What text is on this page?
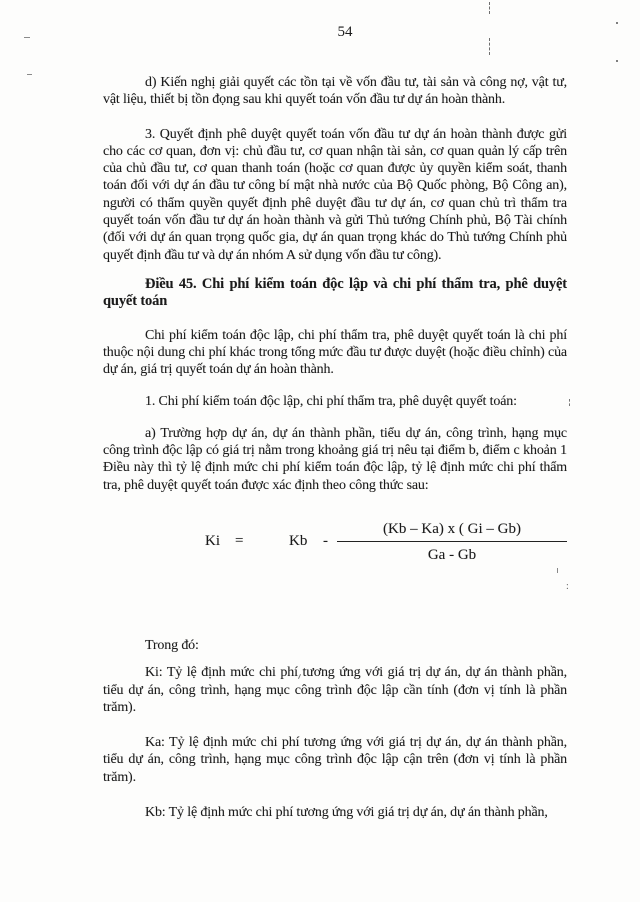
54

d) Kiến nghị giải quyết các tồn tại về vốn đầu tư, tài sản và công nợ, vật tư, vật liệu, thiết bị tồn đọng sau khi quyết toán vốn đầu tư dự án hoàn thành.

3. Quyết định phê duyệt quyết toán vốn đầu tư dự án hoàn thành được gửi cho các cơ quan, đơn vị: chủ đầu tư, cơ quan nhận tài sản, cơ quan quản lý cấp trên của chủ đầu tư, cơ quan thanh toán (hoặc cơ quan được ủy quyền kiểm soát, thanh toán đối với dự án đầu tư công bí mật nhà nước của Bộ Quốc phòng, Bộ Công an), người có thẩm quyền quyết định phê duyệt đầu tư dự án, cơ quan chủ trì thẩm tra quyết toán vốn đầu tư dự án hoàn thành và gửi Thủ tướng Chính phủ, Bộ Tài chính (đối với dự án quan trọng quốc gia, dự án quan trọng khác do Thủ tướng Chính phủ quyết định đầu tư và dự án nhóm A sử dụng vốn đầu tư công).

Điều 45. Chi phí kiểm toán độc lập và chi phí thẩm tra, phê duyệt quyết toán

Chi phí kiểm toán độc lập, chi phí thẩm tra, phê duyệt quyết toán là chi phí thuộc nội dung chi phí khác trong tổng mức đầu tư được duyệt (hoặc điều chỉnh) của dự án, giá trị quyết toán dự án hoàn thành.

1. Chi phí kiểm toán độc lập, chi phí thẩm tra, phê duyệt quyết toán:

a) Trường hợp dự án, dự án thành phần, tiểu dự án, công trình, hạng mục công trình độc lập có giá trị nằm trong khoảng giá trị nêu tại điểm b, điểm c khoản 1 Điều này thì tỷ lệ định mức chi phí kiểm toán độc lập, tỷ lệ định mức chi phí thẩm tra, phê duyệt quyết toán được xác định theo công thức sau:

Ki =	Kb - $\frac{(Kb - Ka) x ( Gi - Gb)}{Ga - Gb}$

Trong đó:

Ki: Tỷ lệ định mức chi phí tương ứng với giá trị dự án, dự án thành phần, tiểu dự án, công trình, hạng mục công trình độc lập cần tính (đơn vị tính là phần trăm).

Ka: Tỷ lệ định mức chi phí tương ứng với giá trị dự án, dự án thành phần, tiểu dự án, công trình, hạng mục công trình độc lập cận trên (đơn vị tính là phần trăm).

Kb: Tỷ lệ định mức chi phí tương ứng với giá trị dự án, dự án thành phần,

:
